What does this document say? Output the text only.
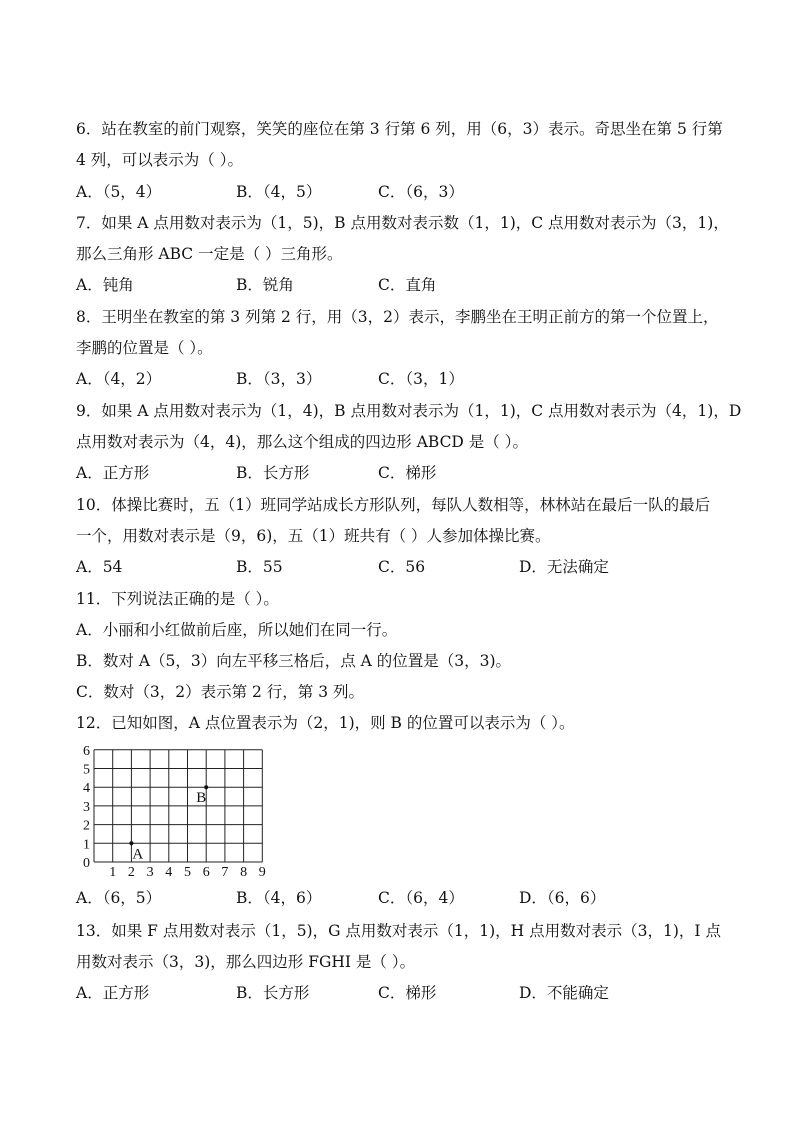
6．站在教室的前门观察，笑笑的座位在第 3 行第 6 列，用（6，3）表示。奇思坐在第 5 行第
4 列，可以表示为（ ）。
A．（5，4）	B．（4，5）	C．（6，3）
7．如果 A 点用数对表示为（1，5)，B 点用数对表示数（1，1)，C 点用数对表示为（3，1)，
那么三角形 ABC 一定是（ ）三角形。
A．钝角	B．锐角	C．直角
8．王明坐在教室的第 3 列第 2 行，用（3，2）表示，李鹏坐在王明正前方的第一个位置上，
李鹏的位置是（ ）。
A．（4，2）	B．（3，3）	C．（3，1）
9．如果 A 点用数对表示为（1，4)，B 点用数对表示为（1，1)，C 点用数对表示为（4，1)，D
点用数对表示为（4，4)，那么这个组成的四边形 ABCD 是（ ）。
A．正方形	B．长方形	C．梯形
10．体操比赛时，五（1）班同学站成长方形队列，每队人数相等，林林站在最后一队的最后
一个，用数对表示是（9，6)，五（1）班共有（ ）人参加体操比赛。
A．54	B．55	C．56	D．无法确定
11．下列说法正确的是（ ）。
A．小丽和小红做前后座，所以她们在同一行。
B．数对 A（5，3）向左平移三格后，点 A 的位置是（3，3)。
C．数对（3，2）表示第 2 行，第 3 列。
12．已知如图，A 点位置表示为（2，1)，则 B 的位置可以表示为（ ）。
1 2 3 4 5 6 7 8 9
0
1
2
3
4
5
6
A
B
A．（6，5）	B．（4，6）	C．（6，4）	D．（6，6）
13．如果 F 点用数对表示（1，5)，G 点用数对表示（1，1)，H 点用数对表示（3，1)，I 点
用数对表示（3，3)，那么四边形 FGHI 是（ ）。
A．正方形	B．长方形	C．梯形	D．不能确定
